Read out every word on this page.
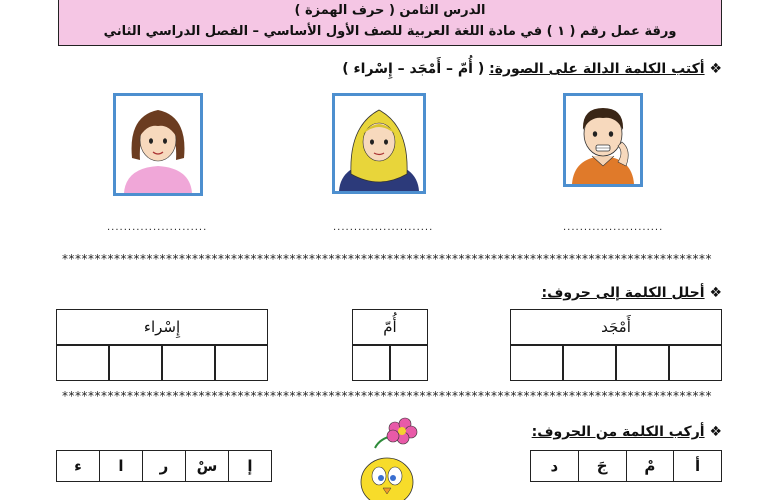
الدرس الثامن ( حرف الهمزة )
ورقة عمل رقم ( ١ ) في مادة اللغة العربية للصف الأول الأساسي – الفصل الدراسي الثاني
❖ أكتب الكلمة الدالة على الصورة: ( أُمّ – أَمْجَد – إِسْراء )
........................
........................
........................
****************************************************************************************************
❖ أحلل الكلمة إلى حروف:
أَمْجَد
أُمّ
إِسْراء
****************************************************************************************************
❖ أركب الكلمة من الحروف:
د	جَ	مْ	أ
ء	ا	ر	سْ	إ
